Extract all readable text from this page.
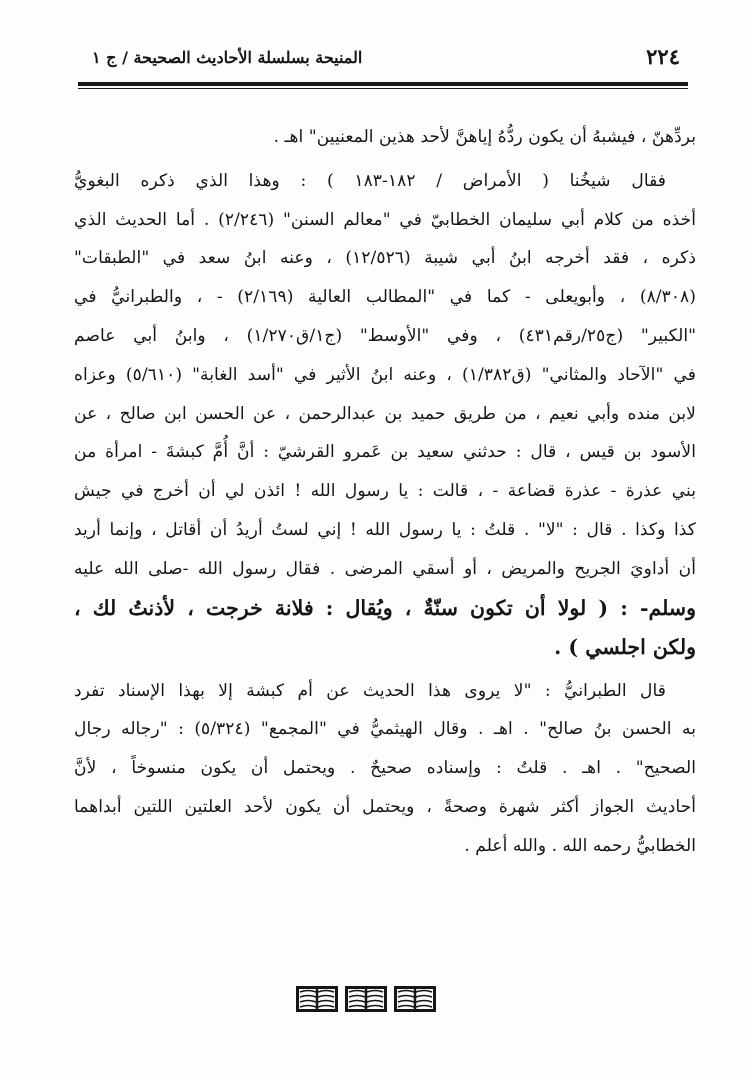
٢٢٤
المنيحة بسلسلة الأحاديث الصحيحة / ج ١
بردِّهنّ ، فيشبهُ أن يكون ردُّهُ إياهنَّ لأحد هذين المعنيين" اهـ .
فقال شيخُنا ( الأمراض / ١٨٢-١٨٣ ) : وهذا الذي ذكره البغويُّ
أخذه من كلام أبي سليمان الخطابيّ في "معالم السنن" (٢/٢٤٦) . أما الحديث الذي
ذكره ، فقد أخرجه ابنُ أبي شيبة (١٢/٥٢٦) ، وعنه ابنُ سعد في "الطبقات"
(٨/٣٠٨) ، وأبويعلى - كما في "المطالب العالية (٢/١٦٩) - ، والطبرانيُّ في
"الكبير" (ج٢٥/رقم٤٣١) ، وفي "الأوسط" (ج١/ق١/٢٧٠) ، وابنُ أبي عاصم
في "الآحاد والمثاني" (ق١/٣٨٢) ، وعنه ابنُ الأثير في "أسد الغابة" (٥/٦١٠) وعزاه
لابن منده وأبي نعيم ، من طريق حميد بن عبدالرحمن ، عن الحسن ابن صالح ، عن
الأسود بن قيس ، قال : حدثني سعيد بن عَمرو القرشيّ : أنَّ أُمَّ كبشةَ - امرأة من
بني عذرة - عذرة قضاعة - ، قالت : يا رسول الله ! ائذن لي أن أخرج في جيش
كذا وكذا . قال : "لا" . قلتُ : يا رسول الله ! إني لستُ أريدُ أن أقاتل ، وإنما أريد
أن أداويَ الجريح والمريض ، أو أسقي المرضى . فقال رسول الله -صلى الله عليه
وسلم- : ( لولا أن تكون سنّةٌ ، ويُقال : فلانة خرجت ، لأذنتُ لك ،
ولكن اجلسي ) .
قال الطبرانيُّ : "لا يروى هذا الحديث عن أم كبشة إلا بهذا الإسناد تفرد
به الحسن بنُ صالح" . اهـ . وقال الهيثميُّ في "المجمع" (٥/٣٢٤) : "رجاله رجال
الصحيح" . اهـ . قلتُ : وإسناده صحيحٌ . ويحتمل أن يكون منسوخاً ، لأنَّ
أحاديث الجواز أكثر شهرة وصحةً ، ويحتمل أن يكون لأحد العلتين اللتين أبداهما
الخطابيُّ رحمه الله . والله أعلم .
